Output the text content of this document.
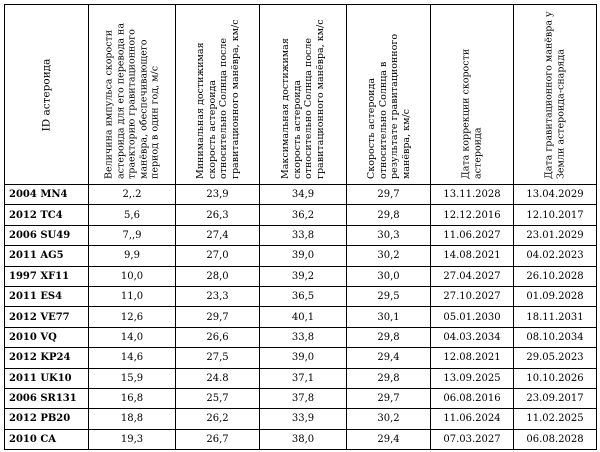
ID астероида	Величина импульса скорости астероида для его перевода на траекторию гравитационного манёвра, обеспечивающего период в один год, м/с	Минимальная достижимая скорость астероида относительно Солнца после гравитационного манёвра, км/с	Максимальная достижимая скорость астероида относительно Солнца после гравитационного манёвра, км/с	Скорость астероида относительно Солнца в результате гравитационного манёвра, км/с	Дата коррекции скорости астероида	Дата гравитационного манёвра у Земли астероида-снаряда

2004 MN4	2,.2	23,9	34,9	29,7	13.11.2028	13.04.2029
2012 TC4	5,6	26,3	36,2	29,8	12.12.2016	12.10.2017
2006 SU49	7,,9	27,4	33,8	30,3	11.06.2027	23.01.2029
2011 AG5	9,9	27,0	39,0	30,2	14.08.2021	04.02.2023
1997 XF11	10,0	28,0	39,2	30,0	27.04.2027	26.10.2028
2011 ES4	11,0	23,3	36,5	29,5	27.10.2027	01.09.2028
2012 VE77	12,6	29,7	40,1	30,1	05.01.2030	18.11.2031
2010 VQ	14,0	26,6	33,8	29,8	04.03.2034	08.10.2034
2012 KP24	14,6	27,5	39,0	29,4	12.08.2021	29.05.2023
2011 UK10	15,9	24.8	37,1	29,8	13.09.2025	10.10.2026
2006 SR131	16,8	25,7	37,8	29,7	06.08.2016	23.09.2017
2012 PB20	18,8	26,2	33,9	30,2	11.06.2024	11.02.2025
2010 CA	19,3	26,7	38,0	29,4	07.03.2027	06.08.2028
